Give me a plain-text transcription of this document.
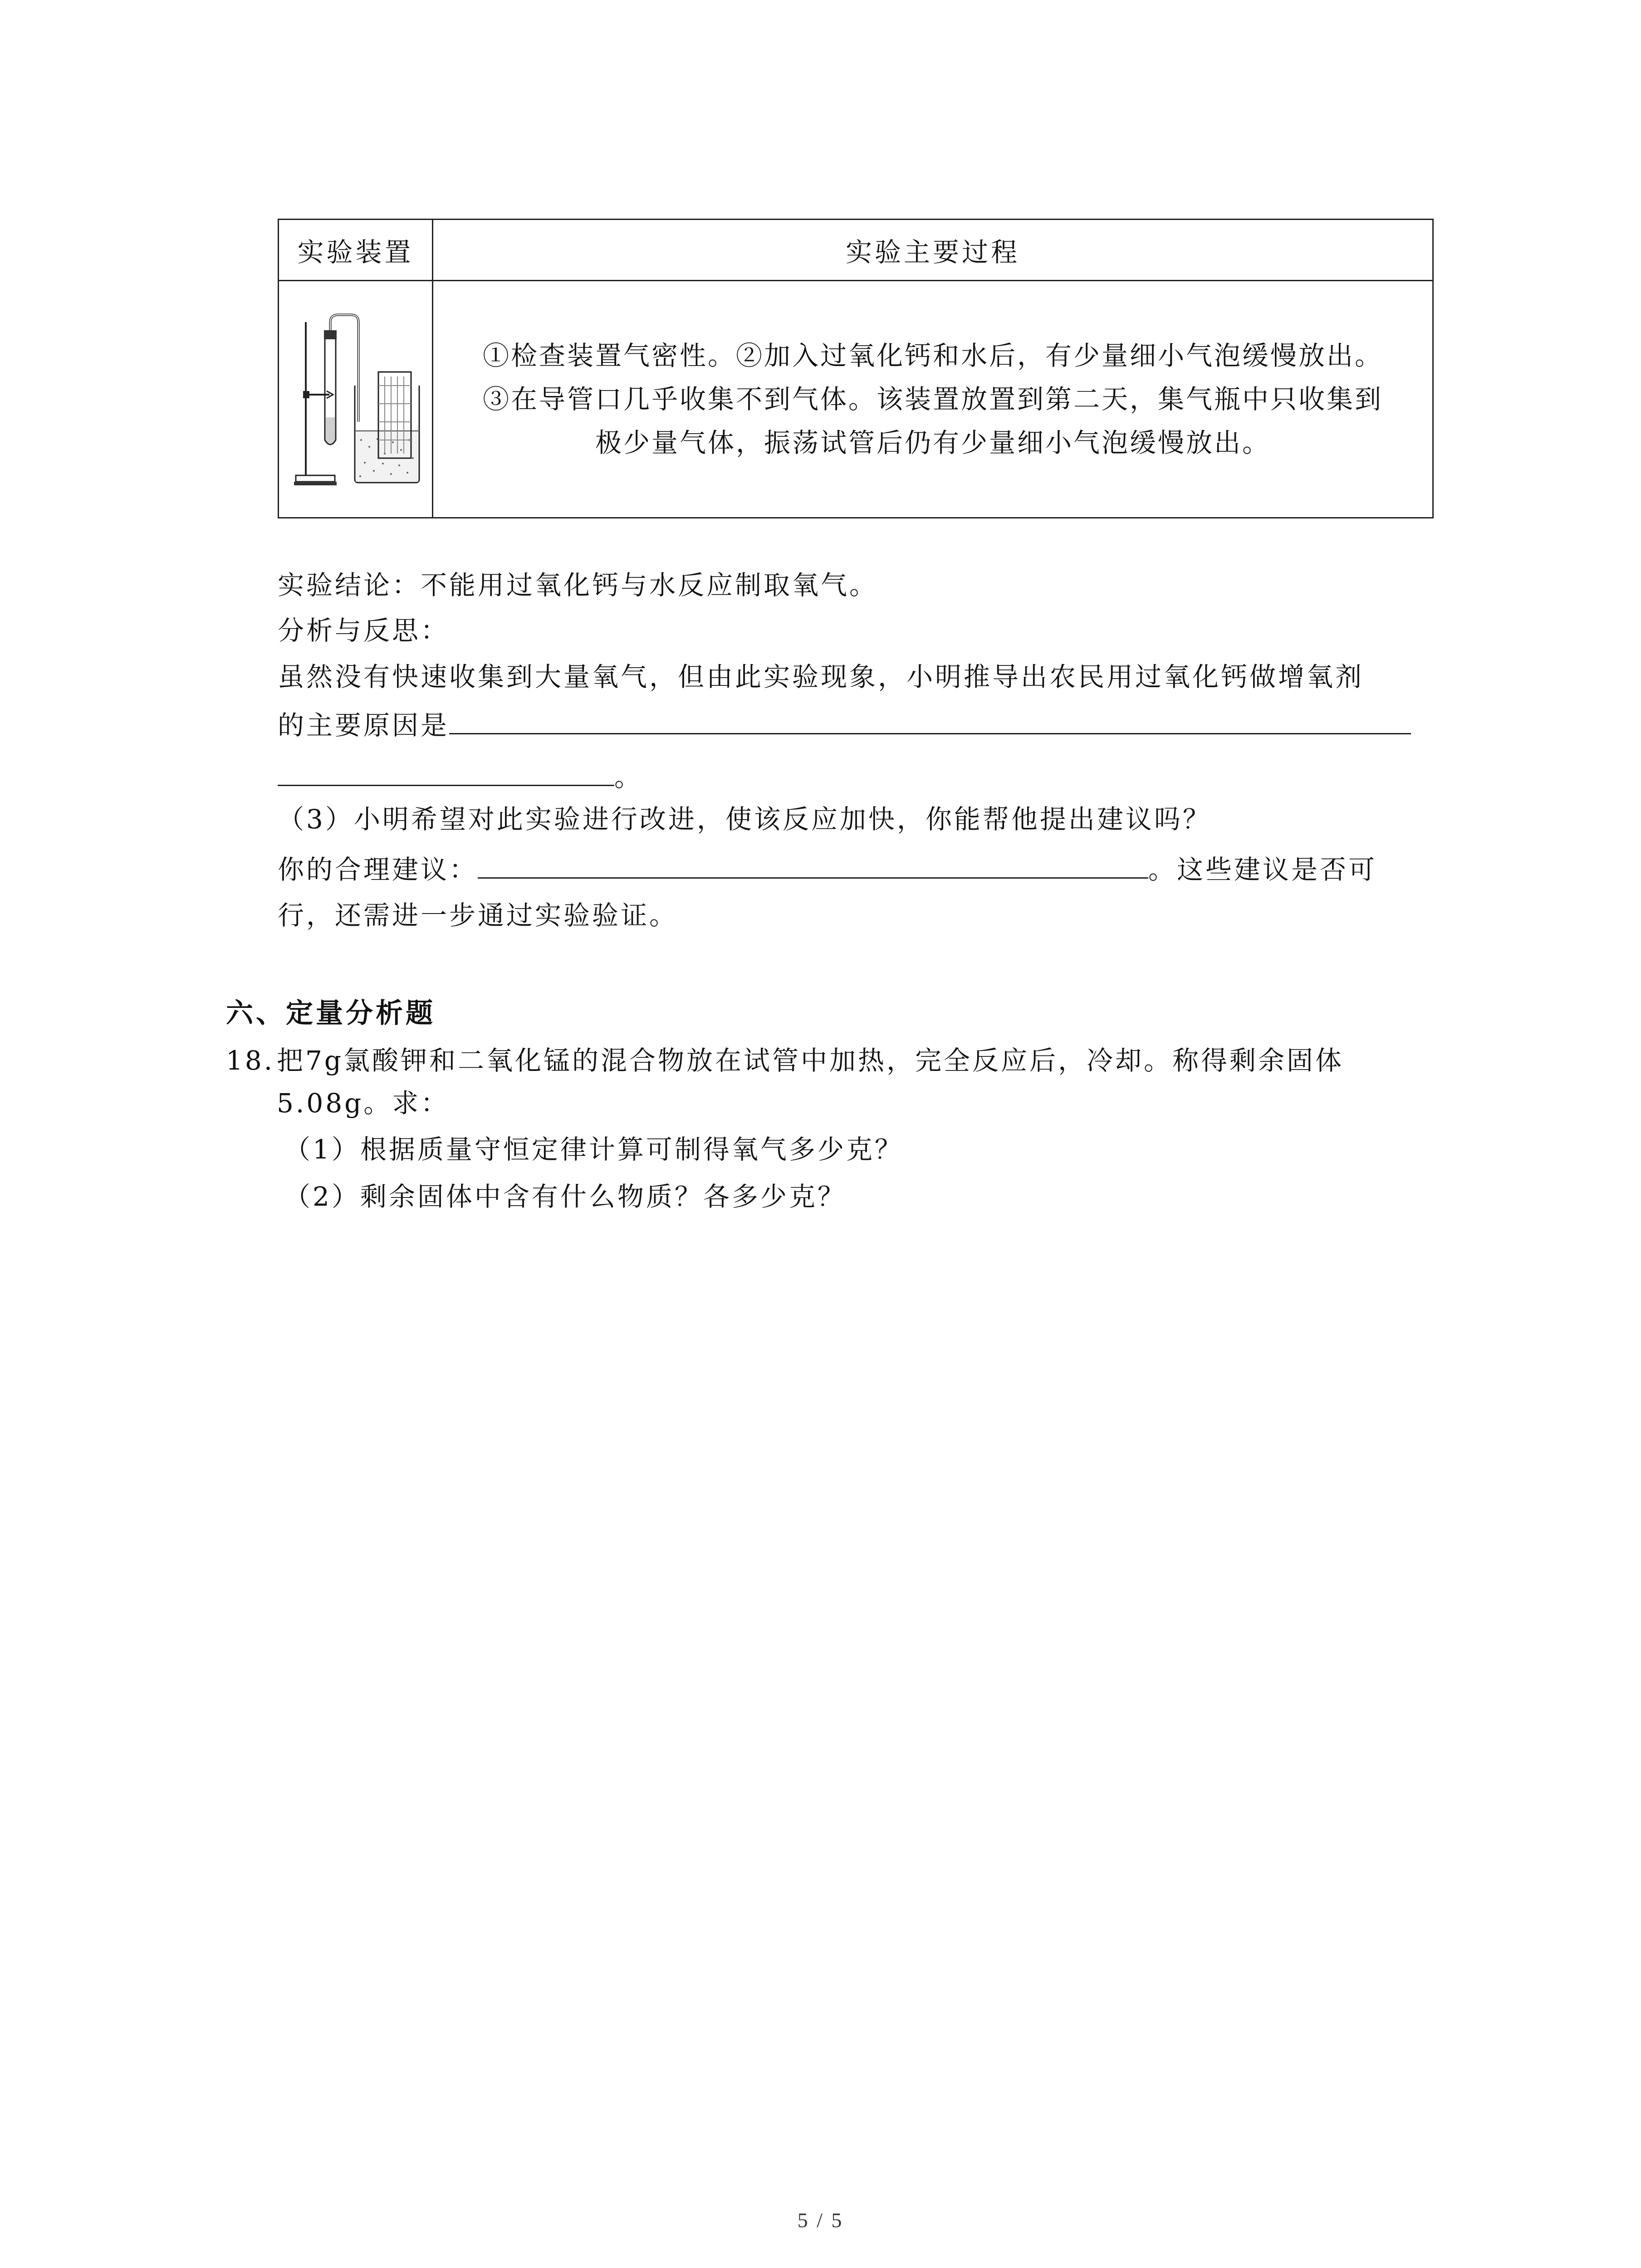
实验装置	实验主要过程

①检查装置气密性。②加入过氧化钙和水后，有少量细小气泡缓慢放出。
③在导管口几乎收集不到气体。该装置放置到第二天，集气瓶中只收集到
极少量气体，振荡试管后仍有少量细小气泡缓慢放出。
实验结论：不能用过氧化钙与水反应制取氧气。
分析与反思：
虽然没有快速收集到大量氧气，但由此实验现象，小明推导出农民用过氧化钙做增氧剂
的主要原因是
。
（3）小明希望对此实验进行改进，使该反应加快，你能帮他提出建议吗？
你的合理建议：	。这些建议是否可
行，还需进一步通过实验验证。
六、定量分析题
18. 把7g氯酸钾和二氧化锰的混合物放在试管中加热，完全反应后，冷却。称得剩余固体
5.08g。求：
（1）根据质量守恒定律计算可制得氧气多少克？
（2）剩余固体中含有什么物质？各多少克？
5 / 5
